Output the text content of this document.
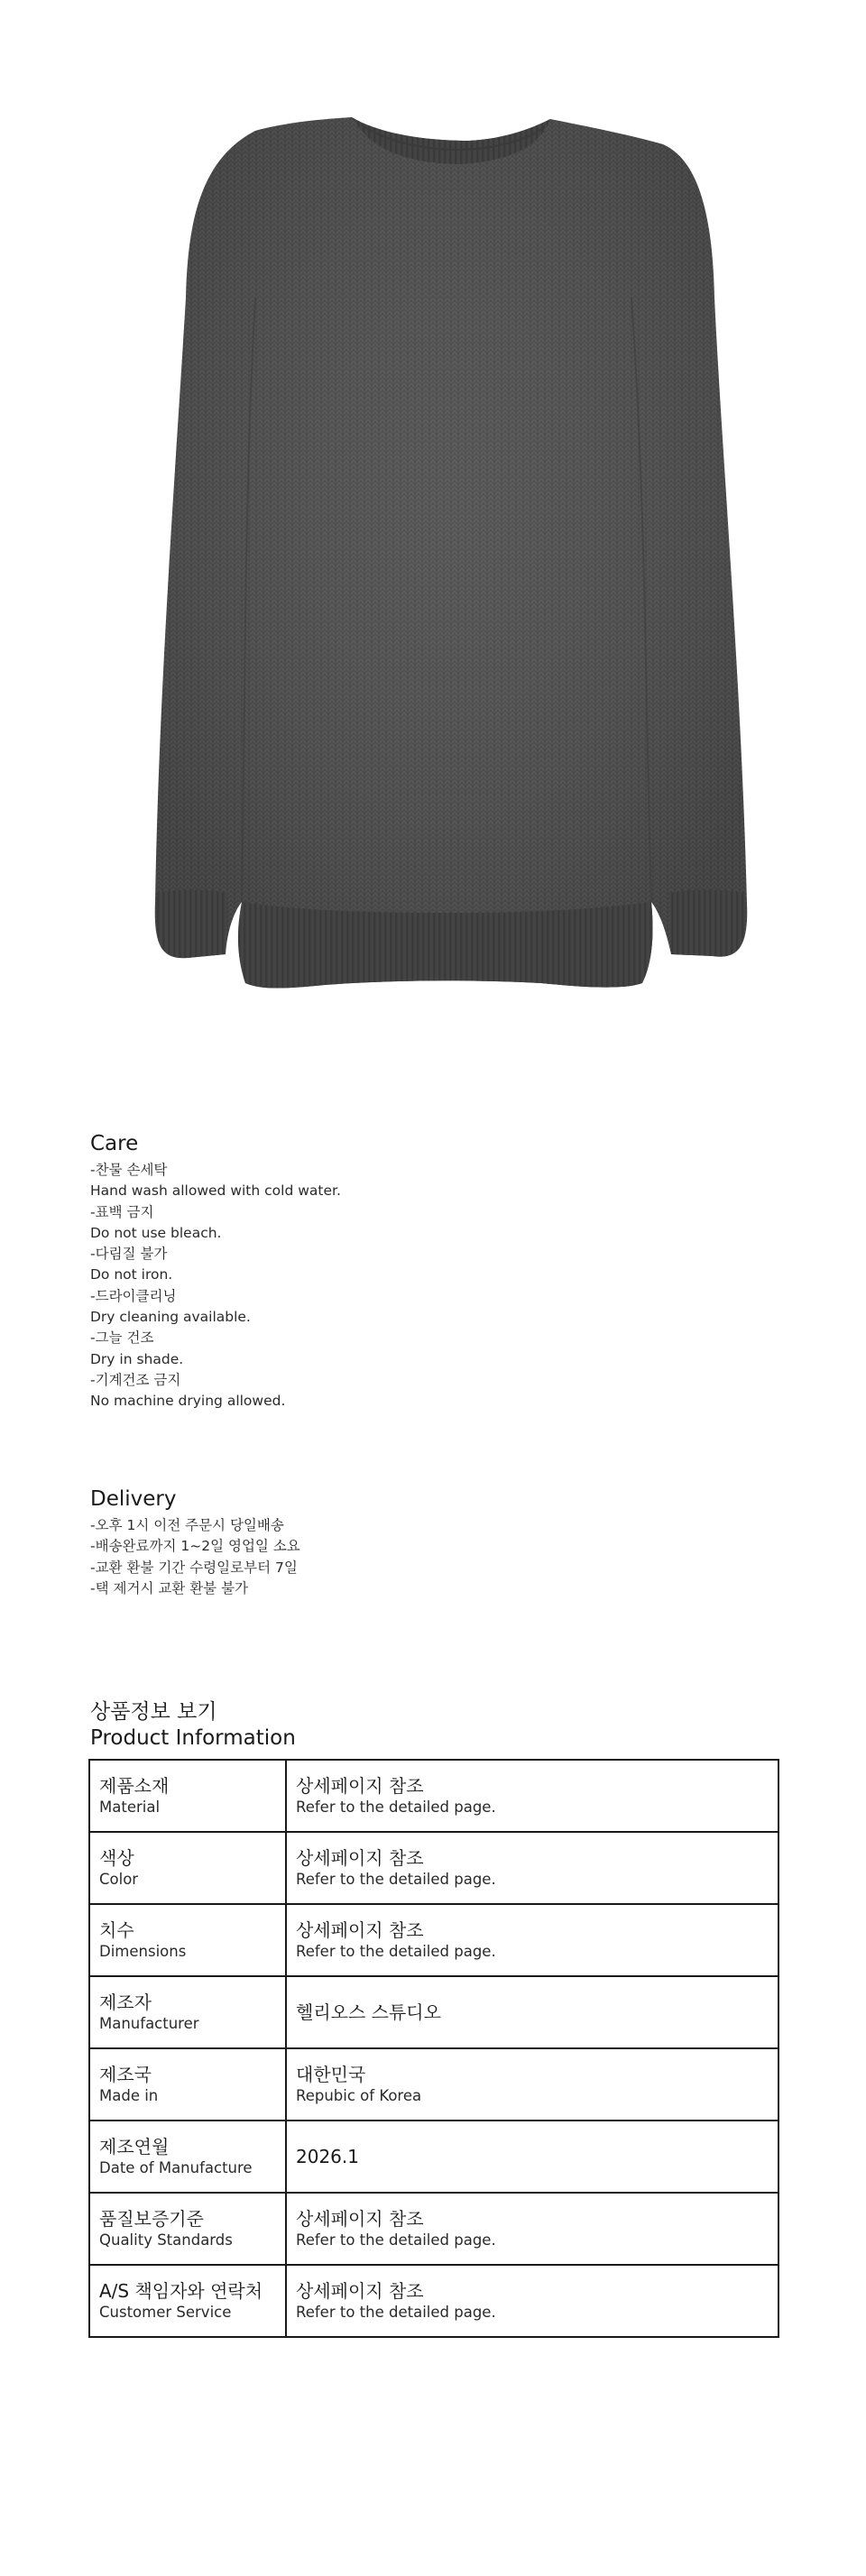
Care
-찬물 손세탁
Hand wash allowed with cold water.
-표백 금지
Do not use bleach.
-다림질 불가
Do not iron.
-드라이클리닝
Dry cleaning available.
-그늘 건조
Dry in shade.
-기계건조 금지
No machine drying allowed.
Delivery
-오후 1시 이전 주문시 당일배송
-배송완료까지 1~2일 영업일 소요
-교환 환불 기간 수령일로부터 7일
-택 제거시 교환 환불 불가
상품정보 보기
Product Information
제품소재
Material	상세페이지 참조
Refer to the detailed page.

색상
Color	상세페이지 참조
Refer to the detailed page.

치수
Dimensions	상세페이지 참조
Refer to the detailed page.

제조자
Manufacturer	헬리오스 스튜디오

제조국
Made in	대한민국
Repubic of Korea

제조연월
Date of Manufacture	2026.1

품질보증기준
Quality Standards	상세페이지 참조
Refer to the detailed page.

A/S 책임자와 연락처
Customer Service	상세페이지 참조
Refer to the detailed page.
